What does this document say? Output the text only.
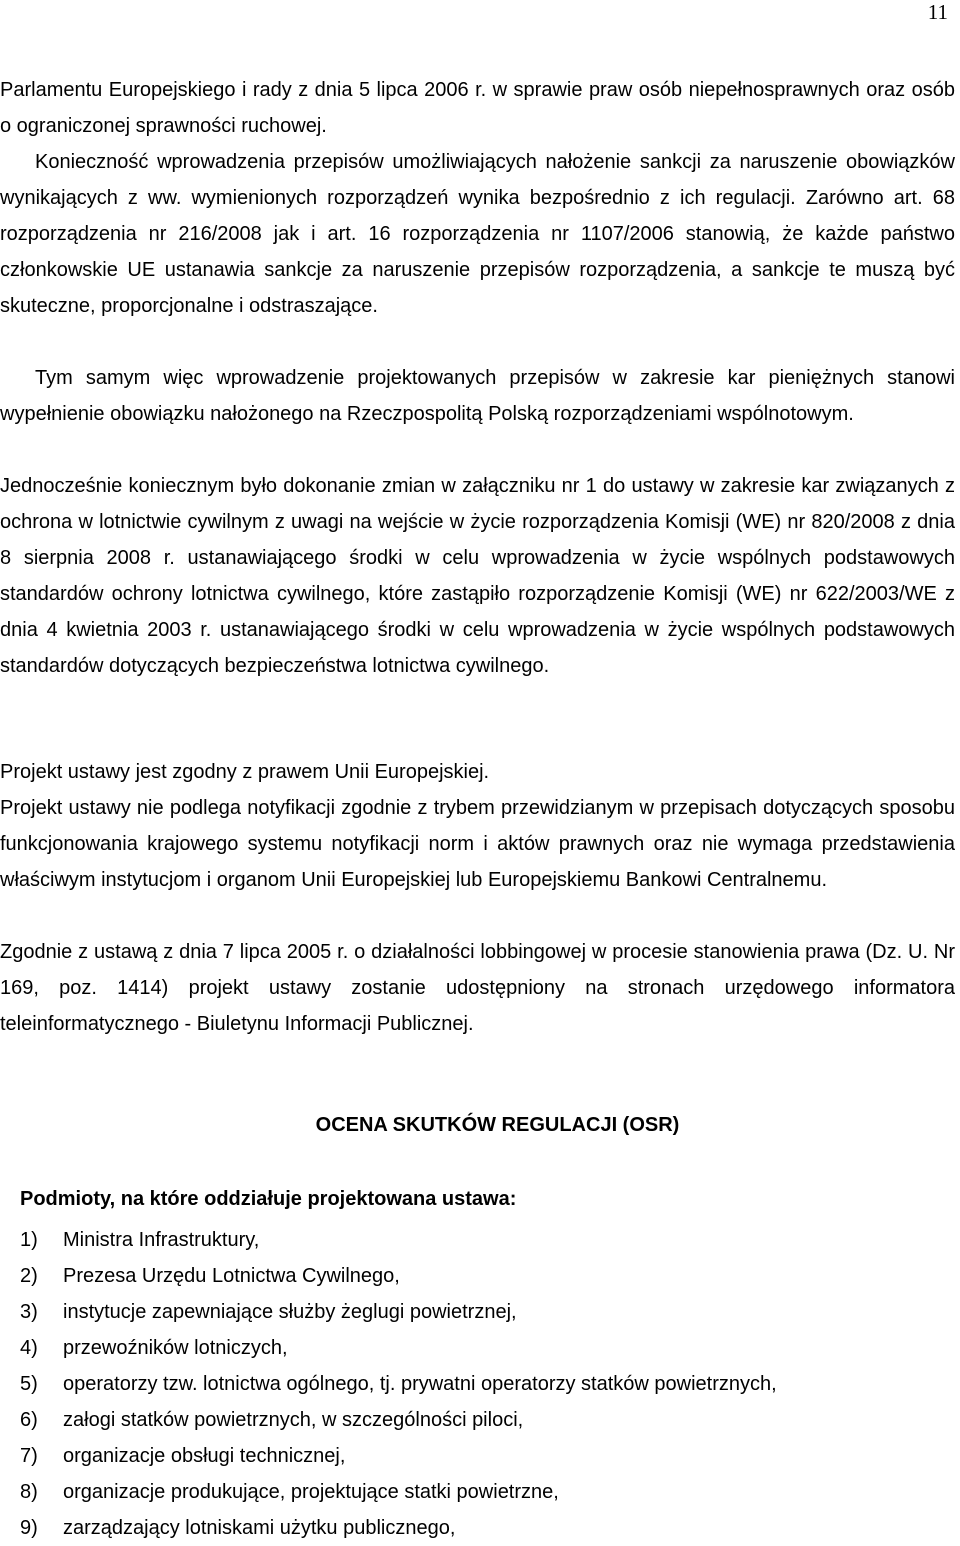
11

Parlamentu Europejskiego i rady z dnia 5 lipca 2006 r. w sprawie praw osób niepełnosprawnych oraz osób o ograniczonej sprawności ruchowej.

Konieczność wprowadzenia przepisów umożliwiających nałożenie sankcji za naruszenie obowiązków wynikających z ww. wymienionych rozporządzeń wynika bezpośrednio z ich regulacji. Zarówno art. 68 rozporządzenia nr 216/2008 jak i art. 16 rozporządzenia nr 1107/2006 stanowią, że każde państwo członkowskie UE ustanawia sankcje za naruszenie przepisów rozporządzenia, a sankcje te muszą być skuteczne, proporcjonalne i odstraszające.

Tym samym więc wprowadzenie projektowanych przepisów w zakresie kar pieniężnych stanowi wypełnienie obowiązku nałożonego na Rzeczpospolitą Polską rozporządzeniami wspólnotowym.

Jednocześnie koniecznym było dokonanie zmian w załączniku nr 1 do ustawy w zakresie kar związanych z ochrona w lotnictwie cywilnym z uwagi na wejście w życie rozporządzenia Komisji (WE) nr 820/2008 z dnia 8 sierpnia 2008 r. ustanawiającego środki w celu wprowadzenia w życie wspólnych podstawowych standardów ochrony lotnictwa cywilnego, które zastąpiło rozporządzenie Komisji (WE) nr 622/2003/WE z dnia 4 kwietnia 2003 r. ustanawiającego środki w celu wprowadzenia w życie wspólnych podstawowych standardów dotyczących bezpieczeństwa lotnictwa cywilnego.

Projekt ustawy jest zgodny z prawem Unii Europejskiej.

Projekt ustawy nie podlega notyfikacji zgodnie z trybem przewidzianym w przepisach dotyczących sposobu funkcjonowania krajowego systemu notyfikacji norm i aktów prawnych oraz nie wymaga przedstawienia właściwym instytucjom i organom Unii Europejskiej lub Europejskiemu Bankowi Centralnemu.

Zgodnie z ustawą z dnia 7 lipca 2005 r. o działalności lobbingowej w procesie stanowienia prawa (Dz. U. Nr 169, poz. 1414) projekt ustawy zostanie udostępniony na stronach urzędowego informatora teleinformatycznego - Biuletynu Informacji Publicznej.

OCENA SKUTKÓW REGULACJI (OSR)
Podmioty, na które oddziałuje projektowana ustawa:
1)	Ministra Infrastruktury,
2)	Prezesa Urzędu Lotnictwa Cywilnego,
3)	instytucje zapewniające służby żeglugi powietrznej,
4)	przewoźników lotniczych,
5)	operatorzy tzw. lotnictwa ogólnego, tj. prywatni operatorzy statków powietrznych,
6)	załogi statków powietrznych, w szczególności piloci,
7)	organizacje obsługi technicznej,
8)	organizacje produkujące, projektujące statki powietrzne,
9)	zarządzający lotniskami użytku publicznego,
